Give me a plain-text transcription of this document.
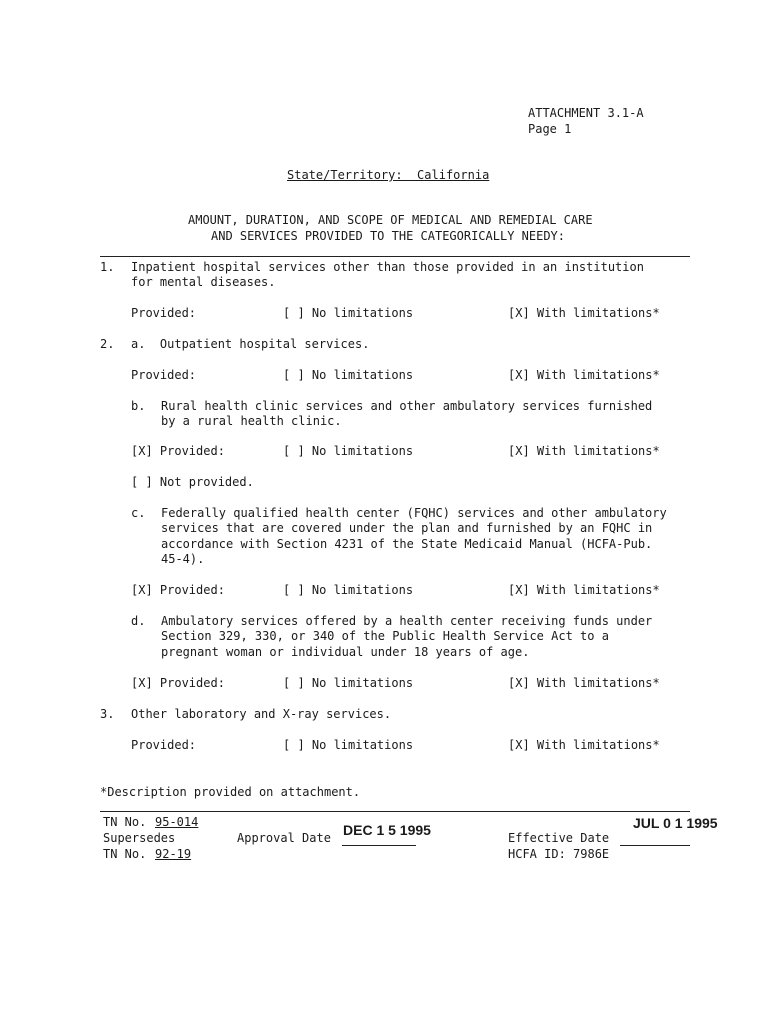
ATTACHMENT 3.1-A
Page 1
State/Territory:  California
AMOUNT, DURATION, AND SCOPE OF MEDICAL AND REMEDIAL CARE
AND SERVICES PROVIDED TO THE CATEGORICALLY NEEDY:
1. Inpatient hospital services other than those provided in an institution
for mental diseases.
Provided:	[ ] No limitations	[X] With limitations*
2. a.  Outpatient hospital services.
Provided:	[ ] No limitations	[X] With limitations*
b. Rural health clinic services and other ambulatory services furnished
by a rural health clinic.
[X] Provided:	[ ] No limitations	[X] With limitations*
[ ] Not provided.
c. Federally qualified health center (FQHC) services and other ambulatory
services that are covered under the plan and furnished by an FQHC in
accordance with Section 4231 of the State Medicaid Manual (HCFA-Pub.
45-4).
[X] Provided:	[ ] No limitations	[X] With limitations*
d. Ambulatory services offered by a health center receiving funds under
Section 329, 330, or 340 of the Public Health Service Act to a
pregnant woman or individual under 18 years of age.
[X] Provided:	[ ] No limitations	[X] With limitations*
3. Other laboratory and X-ray services.
Provided:	[ ] No limitations	[X] With limitations*
*Description provided on attachment.
TN No. 95-014
Supersedes
TN No. 92-19
Approval Date DEC 1 5 1995	Effective Date
JUL 0 1 1995
HCFA ID: 7986E
